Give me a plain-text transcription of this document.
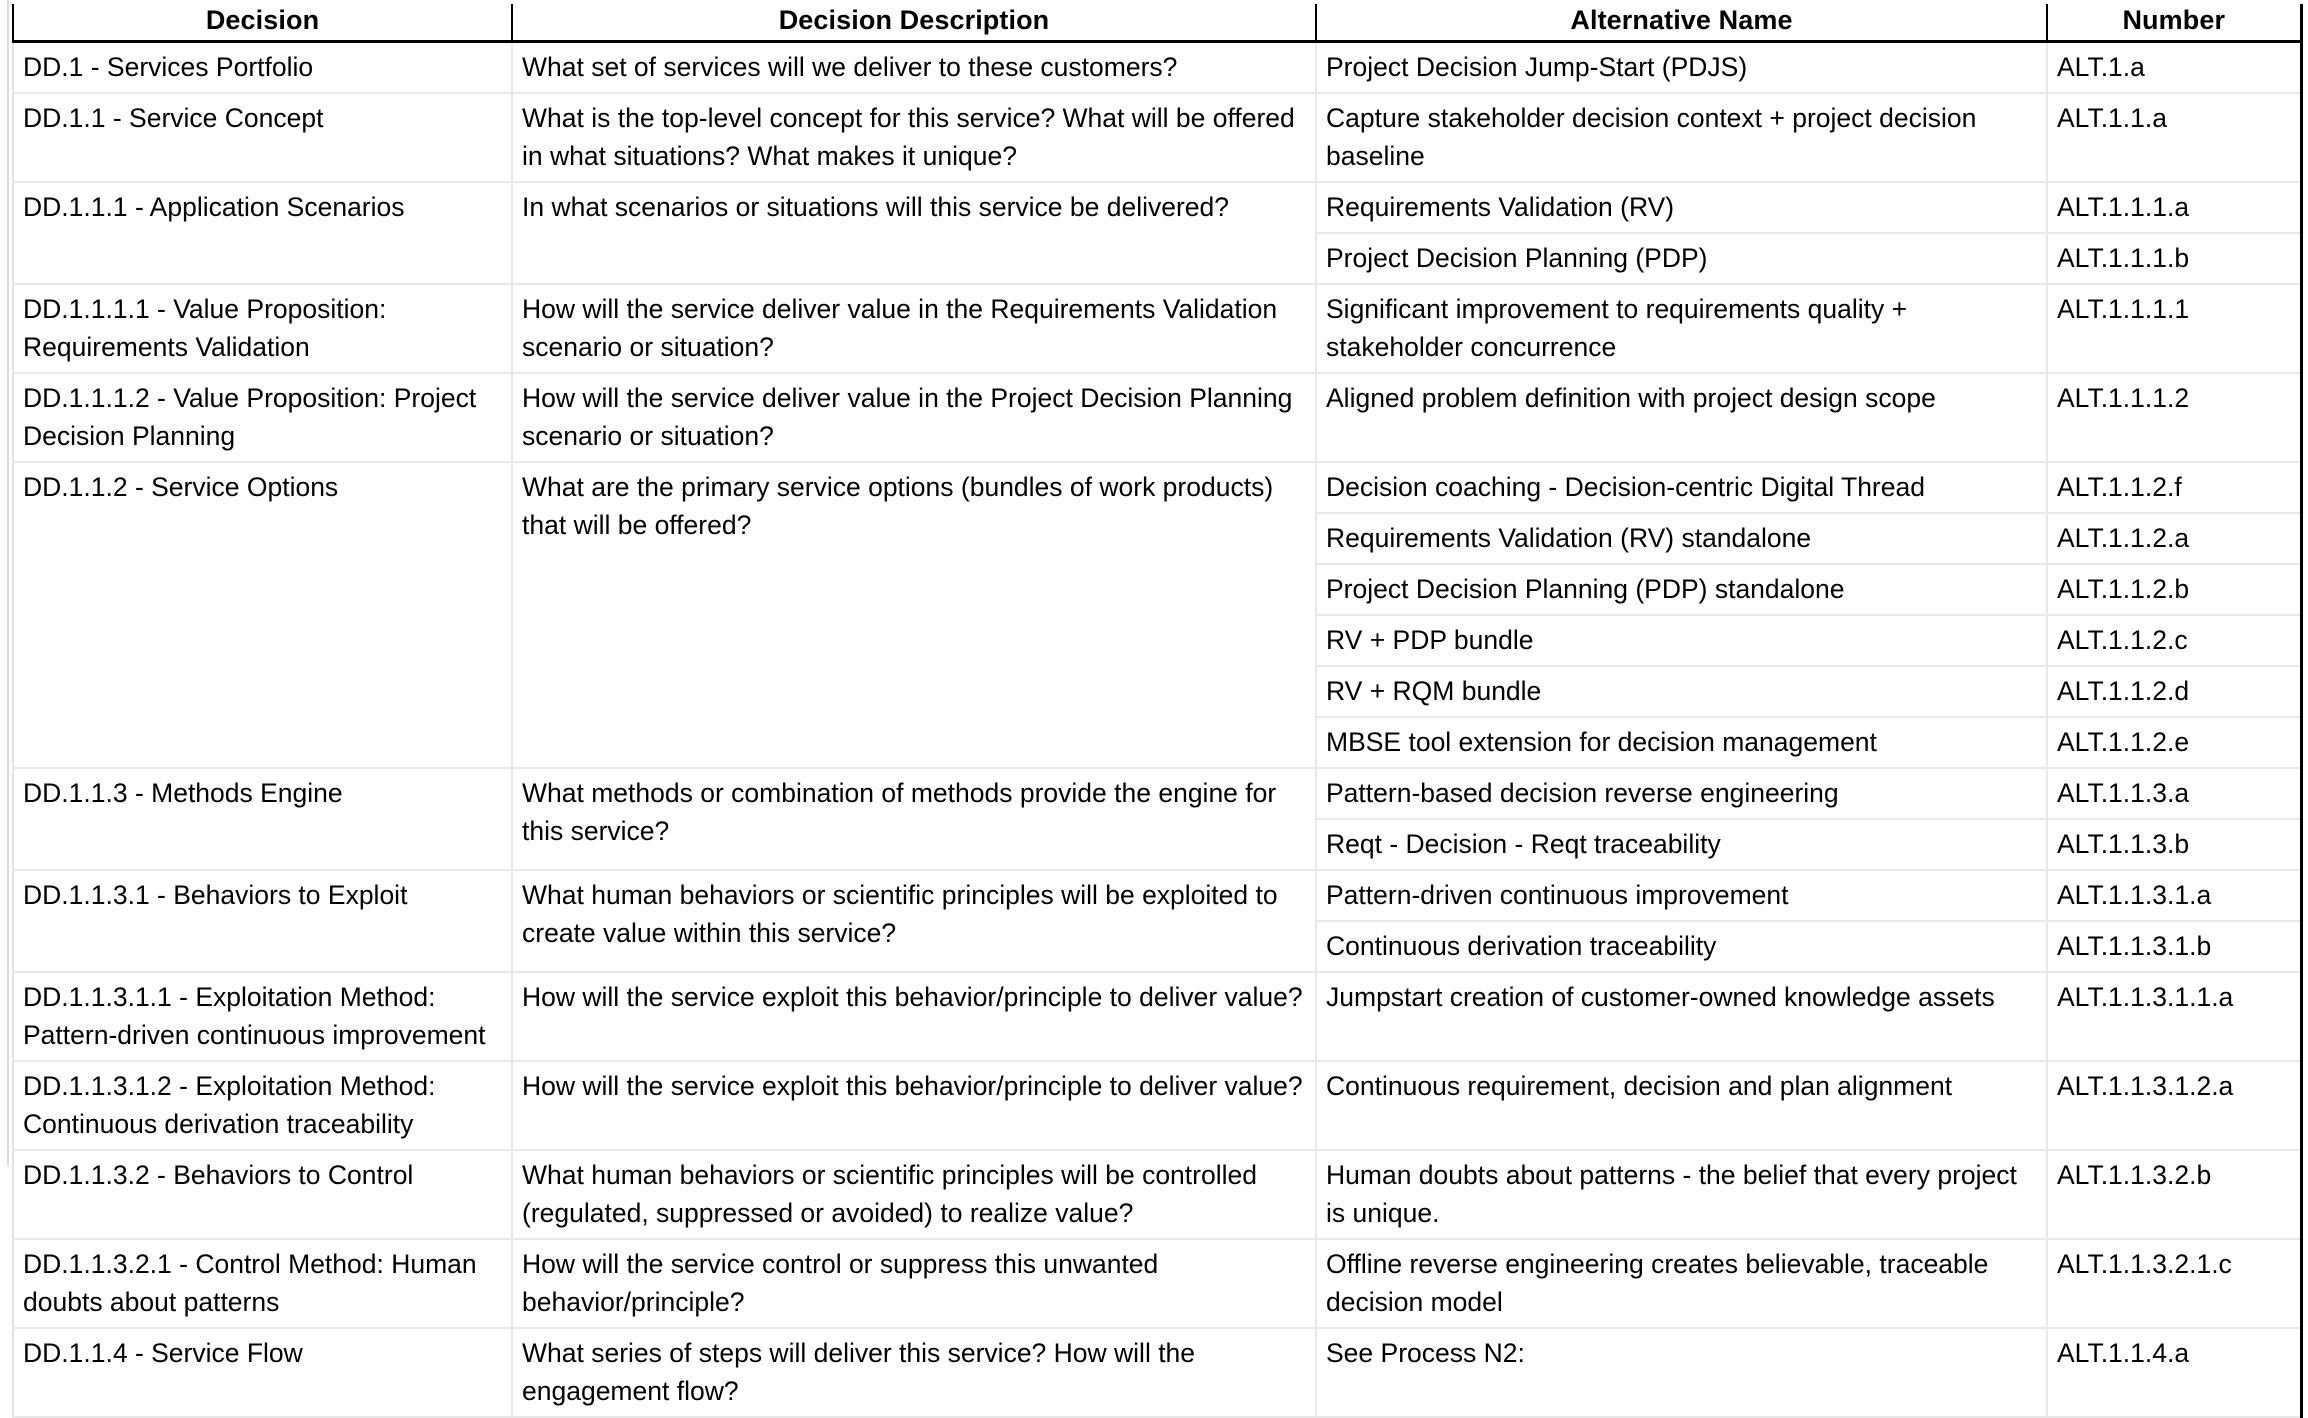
Decision	Decision Description	Alternative Name	Number
DD.1 - Services Portfolio	What set of services will we deliver to these customers?	Project Decision Jump-Start (PDJS)	ALT.1.a
DD.1.1 - Service Concept	What is the top-level concept for this service? What will be offered in what situations? What makes it unique?	Capture stakeholder decision context + project decision baseline	ALT.1.1.a
DD.1.1.1 - Application Scenarios	In what scenarios or situations will this service be delivered?	Requirements Validation (RV)	ALT.1.1.1.a
		Project Decision Planning (PDP)	ALT.1.1.1.b
DD.1.1.1.1 - Value Proposition: Requirements Validation	How will the service deliver value in the Requirements Validation scenario or situation?	Significant improvement to requirements quality + stakeholder concurrence	ALT.1.1.1.1
DD.1.1.1.2 - Value Proposition: Project Decision Planning	How will the service deliver value in the Project Decision Planning scenario or situation?	Aligned problem definition with project design scope	ALT.1.1.1.2
DD.1.1.2 - Service Options	What are the primary service options (bundles of work products) that will be offered?	Decision coaching - Decision-centric Digital Thread	ALT.1.1.2.f
		Requirements Validation (RV) standalone	ALT.1.1.2.a
		Project Decision Planning (PDP) standalone	ALT.1.1.2.b
		RV + PDP bundle	ALT.1.1.2.c
		RV + RQM bundle	ALT.1.1.2.d
		MBSE tool extension for decision management	ALT.1.1.2.e
DD.1.1.3 - Methods Engine	What methods or combination of methods provide the engine for this service?	Pattern-based decision reverse engineering	ALT.1.1.3.a
		Reqt - Decision - Reqt traceability	ALT.1.1.3.b
DD.1.1.3.1 - Behaviors to Exploit	What human behaviors or scientific principles will be exploited to create value within this service?	Pattern-driven continuous improvement	ALT.1.1.3.1.a
		Continuous derivation traceability	ALT.1.1.3.1.b
DD.1.1.3.1.1 - Exploitation Method: Pattern-driven continuous improvement	How will the service exploit this behavior/principle to deliver value?	Jumpstart creation of customer-owned knowledge assets	ALT.1.1.3.1.1.a
DD.1.1.3.1.2 - Exploitation Method: Continuous derivation traceability	How will the service exploit this behavior/principle to deliver value?	Continuous requirement, decision and plan alignment	ALT.1.1.3.1.2.a
DD.1.1.3.2 - Behaviors to Control	What human behaviors or scientific principles will be controlled (regulated, suppressed or avoided) to realize value?	Human doubts about patterns - the belief that every project is unique.	ALT.1.1.3.2.b
DD.1.1.3.2.1 - Control Method: Human doubts about patterns	How will the service control or suppress this unwanted behavior/principle?	Offline reverse engineering creates believable, traceable decision model	ALT.1.1.3.2.1.c
DD.1.1.4 - Service Flow	What series of steps will deliver this service? How will the engagement flow?	See Process N2:	ALT.1.1.4.a
